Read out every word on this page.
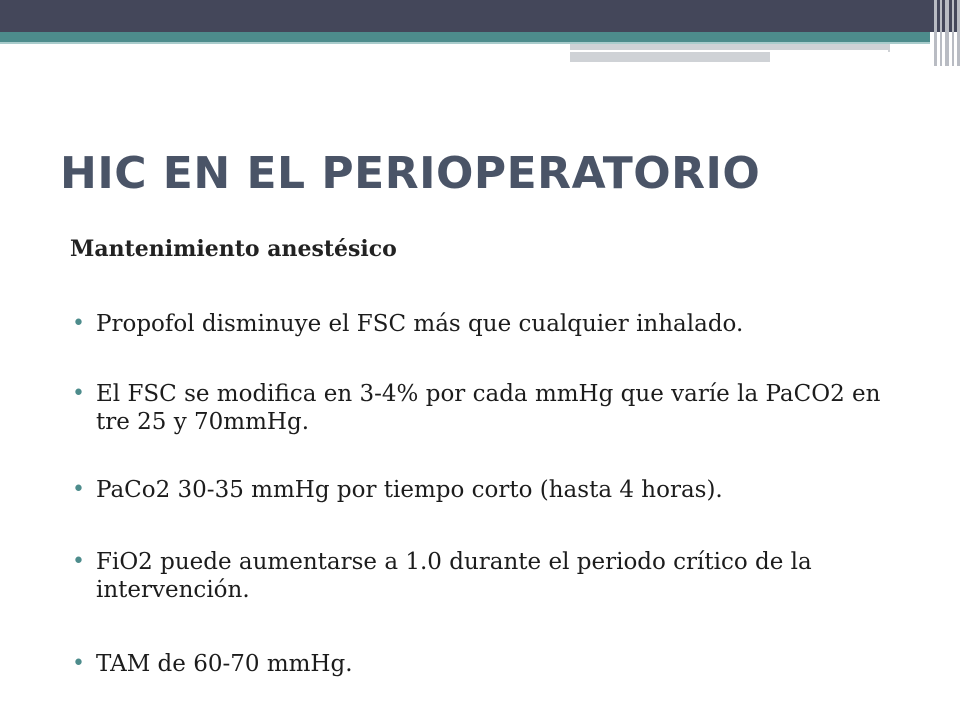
HIC EN EL PERIOPERATORIO
Mantenimiento anestésico
• Propofol disminuye el FSC más que cualquier inhalado.
• El FSC se modifica en 3-4% por cada mmHg que varíe la PaCO2 en tre 25 y 70mmHg.
• PaCo2 30-35 mmHg por tiempo corto (hasta 4 horas).
• FiO2 puede aumentarse a 1.0 durante el periodo crítico de la intervención.
• TAM de 60-70 mmHg.
